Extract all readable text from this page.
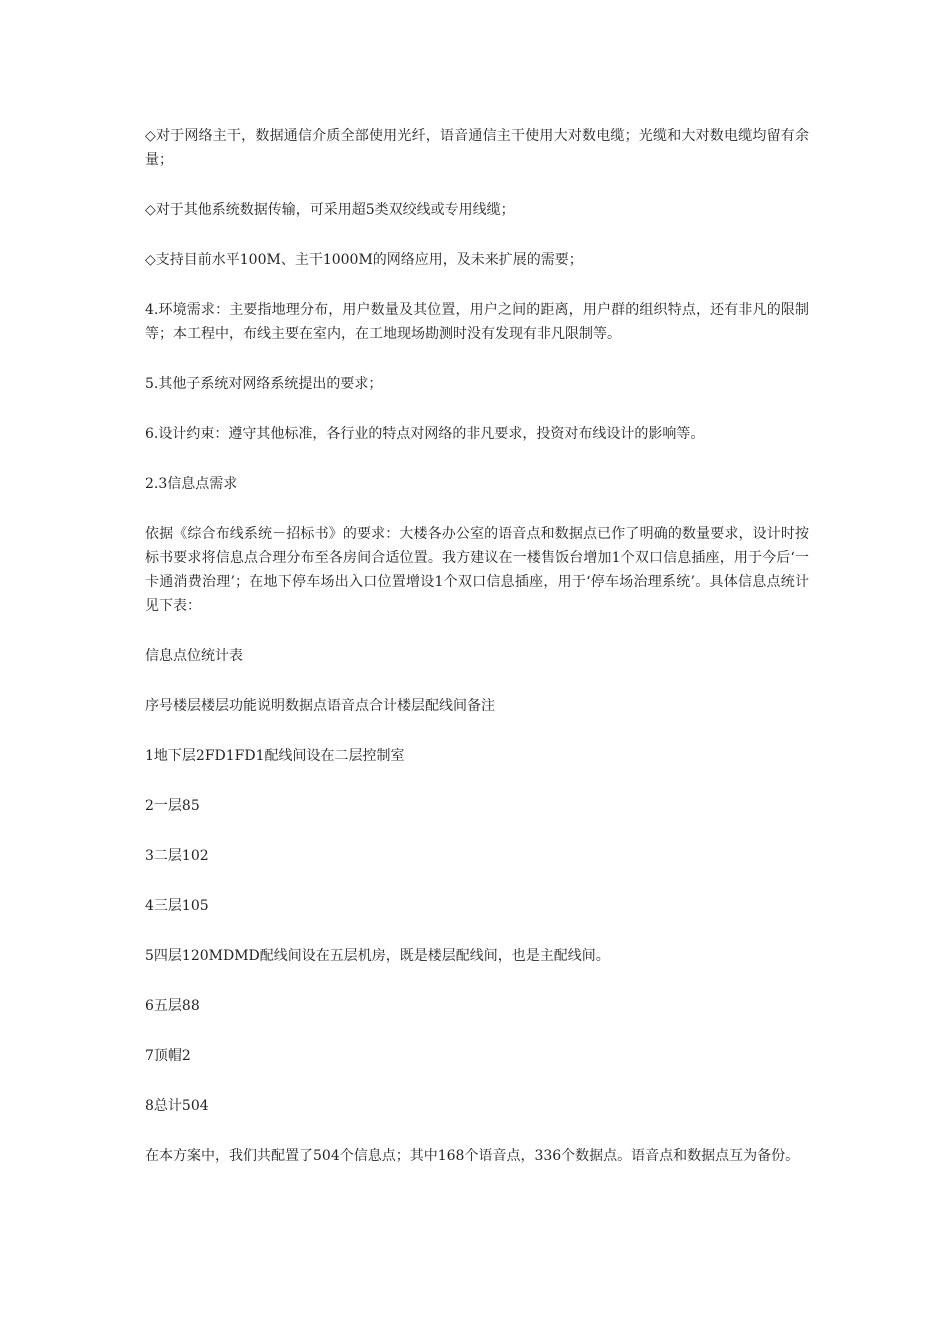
◇对于网络主干，数据通信介质全部使用光纤，语音通信主干使用大对数电缆；光缆和大对数电缆均留有余量；

◇对于其他系统数据传输，可采用超5类双绞线或专用线缆；

◇支持目前水平100M、主干1000M的网络应用，及未来扩展的需要；

4.环境需求：主要指地理分布，用户数量及其位置，用户之间的距离，用户群的组织特点，还有非凡的限制等；本工程中，布线主要在室内，在工地现场勘测时没有发现有非凡限制等。

5.其他子系统对网络系统提出的要求；

6.设计约束：遵守其他标准，各行业的特点对网络的非凡要求，投资对布线设计的影响等。

2.3信息点需求

依据《综合布线系统－招标书》的要求：大楼各办公室的语音点和数据点已作了明确的数量要求，设计时按标书要求将信息点合理分布至各房间合适位置。我方建议在一楼售饭台增加1个双口信息插座，用于今后‘一卡通消费治理’；在地下停车场出入口位置增设1个双口信息插座，用于‘停车场治理系统’。具体信息点统计见下表：

信息点位统计表

序号楼层楼层功能说明数据点语音点合计楼层配线间备注

1地下层2FD1FD1配线间设在二层控制室

2一层85

3二层102

4三层105

5四层120MDMD配线间设在五层机房，既是楼层配线间，也是主配线间。

6五层88

7顶帽2

8总计504

在本方案中，我们共配置了504个信息点；其中168个语音点，336个数据点。语音点和数据点互为备份。
